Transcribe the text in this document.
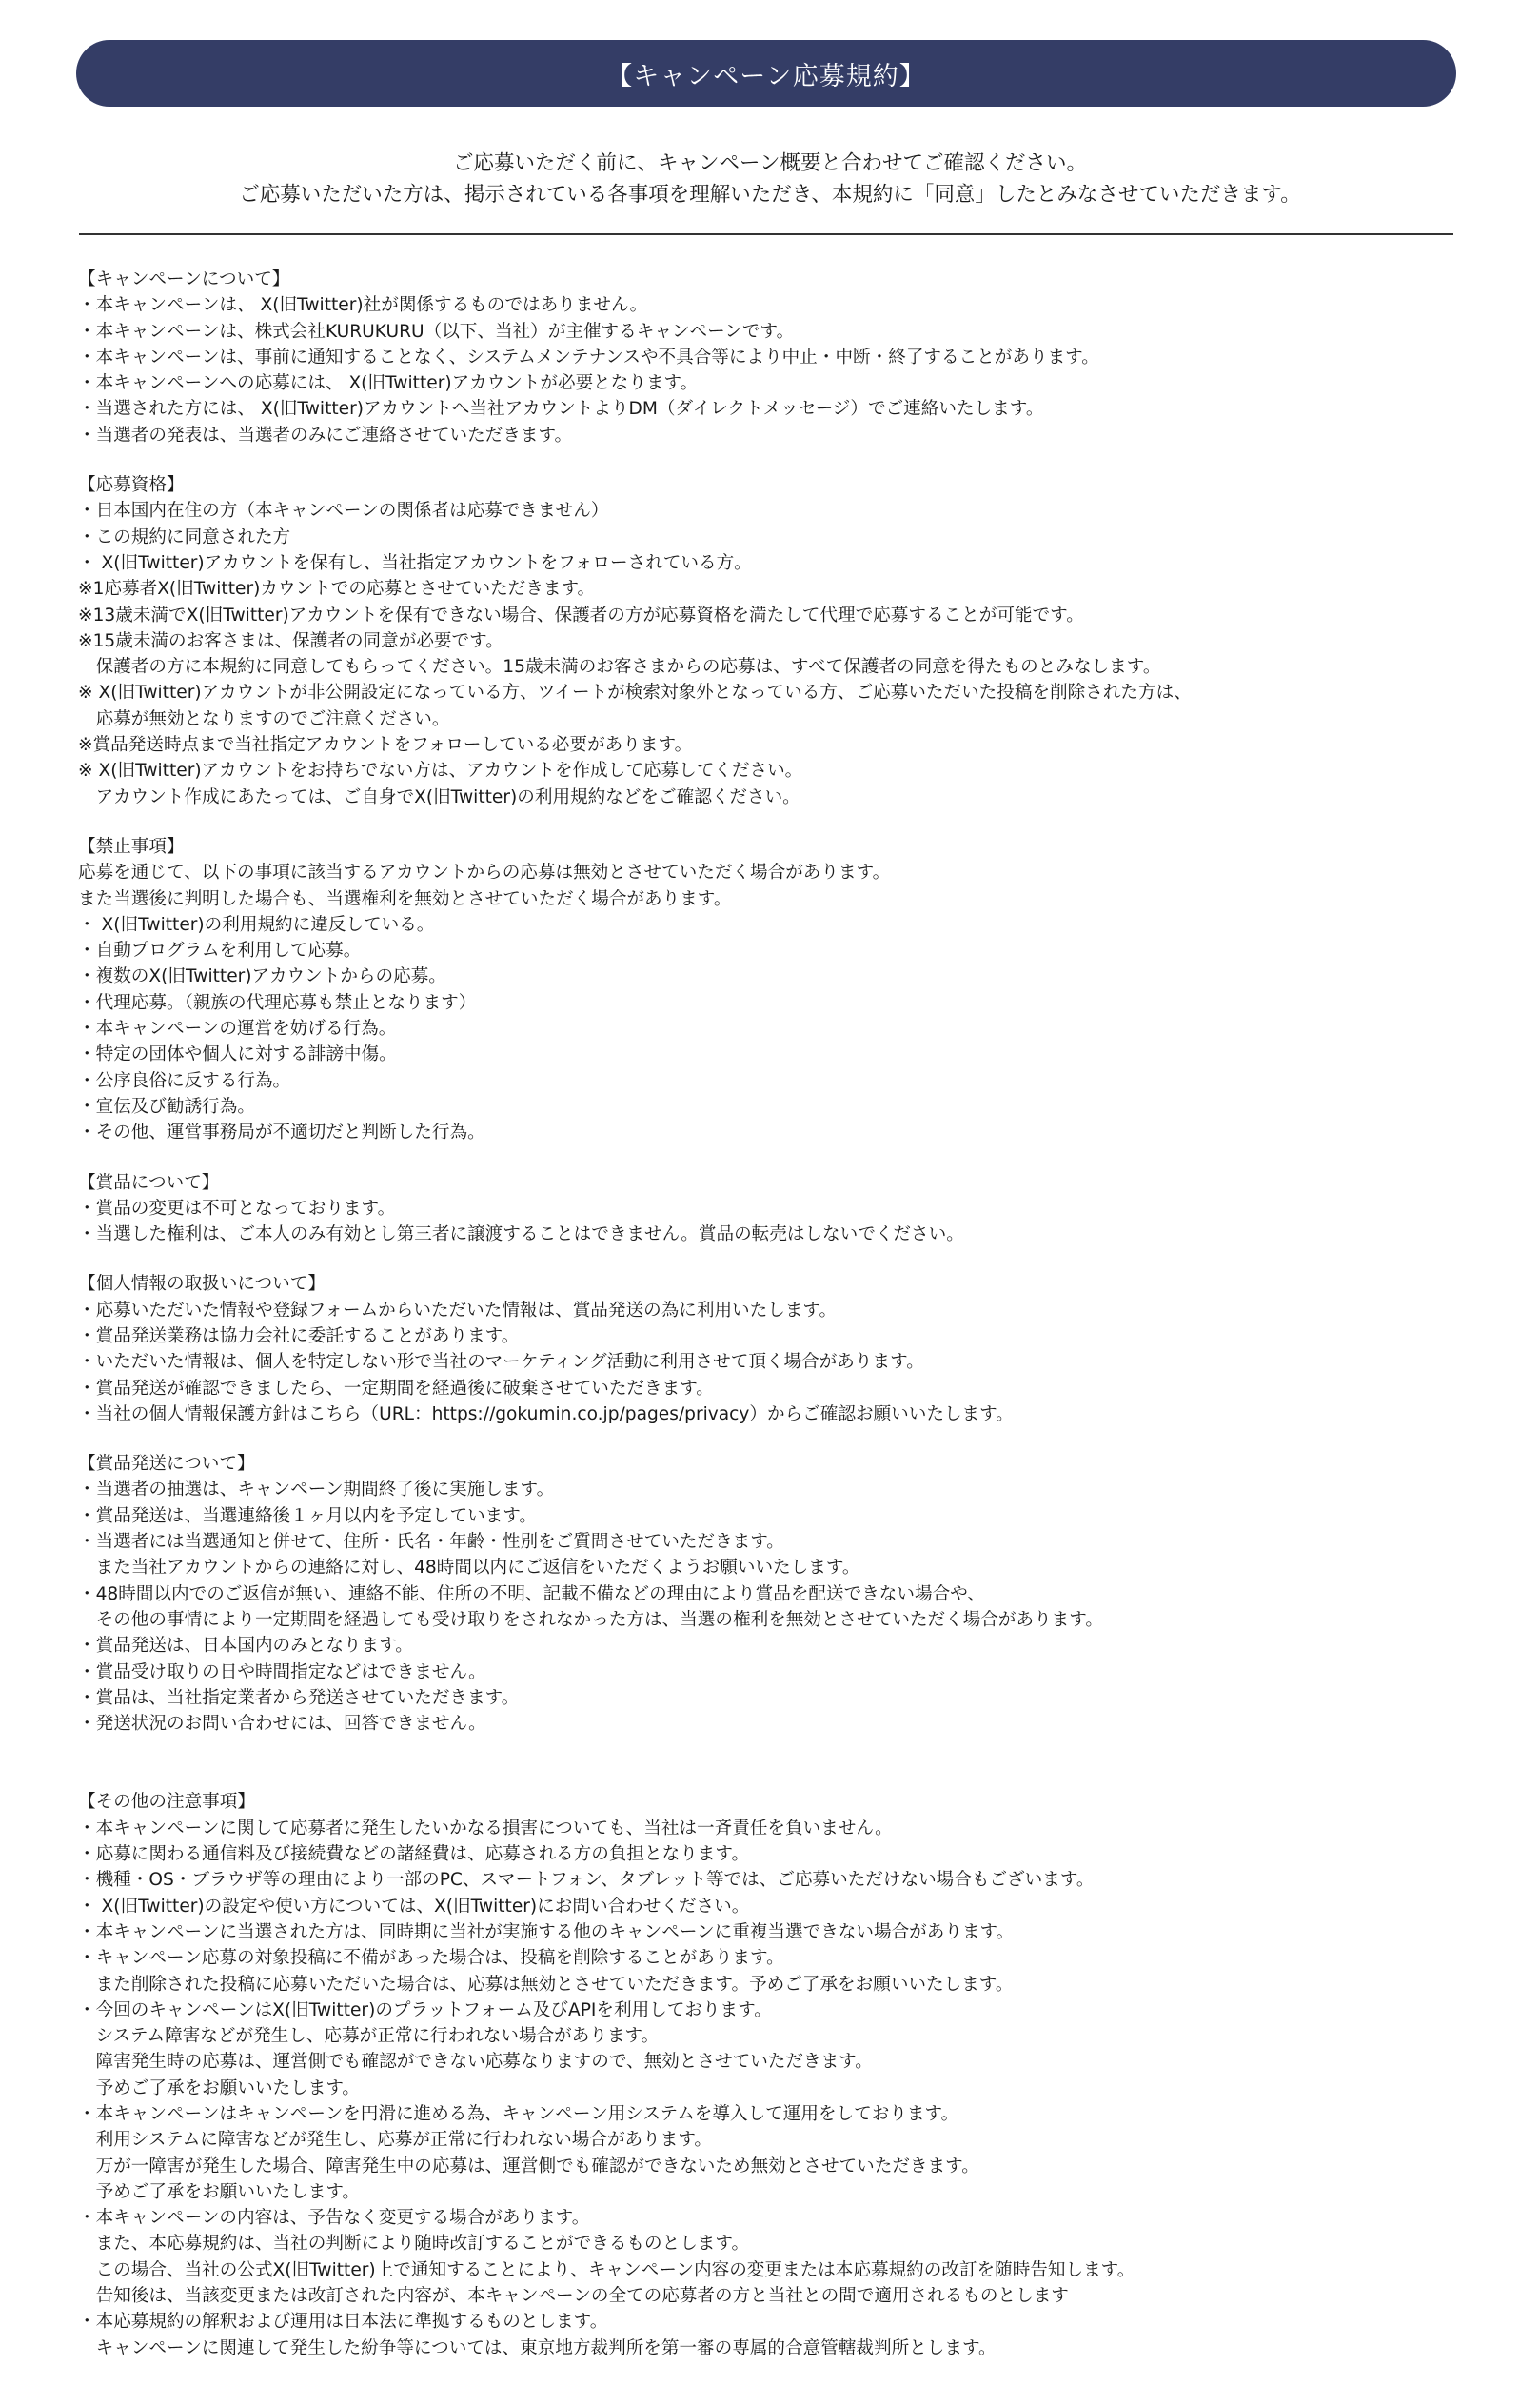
【キャンペーン応募規約】
ご応募いただく前に、キャンペーン概要と合わせてご確認ください。
ご応募いただいた方は、掲示されている各事項を理解いただき、本規約に「同意」したとみなさせていただきます。
【キャンペーンについて】
・本キャンペーンは、 X(旧Twitter)社が関係するものではありません。
・本キャンペーンは、株式会社KURUKURU（以下、当社）が主催するキャンペーンです。
・本キャンペーンは、事前に通知することなく、システムメンテナンスや不具合等により中止・中断・終了することがあります。
・本キャンペーンへの応募には、 X(旧Twitter)アカウントが必要となります。
・当選された方には、 X(旧Twitter)アカウントへ当社アカウントよりDM（ダイレクトメッセージ）でご連絡いたします。
・当選者の発表は、当選者のみにご連絡させていただきます。
【応募資格】
・日本国内在住の方（本キャンペーンの関係者は応募できません）
・この規約に同意された方
・ X(旧Twitter)アカウントを保有し、当社指定アカウントをフォローされている方。
※1応募者X(旧Twitter)カウントでの応募とさせていただきます。
※13歳未満でX(旧Twitter)アカウントを保有できない場合、保護者の方が応募資格を満たして代理で応募することが可能です。
※15歳未満のお客さまは、保護者の同意が必要です。
　保護者の方に本規約に同意してもらってください。15歳未満のお客さまからの応募は、すべて保護者の同意を得たものとみなします。
※ X(旧Twitter)アカウントが非公開設定になっている方、ツイートが検索対象外となっている方、ご応募いただいた投稿を削除された方は、
　応募が無効となりますのでご注意ください。
※賞品発送時点まで当社指定アカウントをフォローしている必要があります。
※ X(旧Twitter)アカウントをお持ちでない方は、アカウントを作成して応募してください。
　アカウント作成にあたっては、ご自身でX(旧Twitter)の利用規約などをご確認ください。
【禁止事項】
応募を通じて、以下の事項に該当するアカウントからの応募は無効とさせていただく場合があります。
また当選後に判明した場合も、当選権利を無効とさせていただく場合があります。
・ X(旧Twitter)の利用規約に違反している。
・自動プログラムを利用して応募。
・複数のX(旧Twitter)アカウントからの応募。
・代理応募。（親族の代理応募も禁止となります）
・本キャンペーンの運営を妨げる行為。
・特定の団体や個人に対する誹謗中傷。
・公序良俗に反する行為。
・宣伝及び勧誘行為。
・その他、運営事務局が不適切だと判断した行為。
【賞品について】
・賞品の変更は不可となっております。
・当選した権利は、ご本人のみ有効とし第三者に譲渡することはできません。賞品の転売はしないでください。
【個人情報の取扱いについて】
・応募いただいた情報や登録フォームからいただいた情報は、賞品発送の為に利用いたします。
・賞品発送業務は協力会社に委託することがあります。
・いただいた情報は、個人を特定しない形で当社のマーケティング活動に利用させて頂く場合があります。
・賞品発送が確認できましたら、一定期間を経過後に破棄させていただきます。
・当社の個人情報保護方針はこちら（URL：https://gokumin.co.jp/pages/privacy）からご確認お願いいたします。
【賞品発送について】
・当選者の抽選は、キャンペーン期間終了後に実施します。
・賞品発送は、当選連絡後１ヶ月以内を予定しています。
・当選者には当選通知と併せて、住所・氏名・年齢・性別をご質問させていただきます。
　また当社アカウントからの連絡に対し、48時間以内にご返信をいただくようお願いいたします。
・48時間以内でのご返信が無い、連絡不能、住所の不明、記載不備などの理由により賞品を配送できない場合や、
　その他の事情により一定期間を経過しても受け取りをされなかった方は、当選の権利を無効とさせていただく場合があります。
・賞品発送は、日本国内のみとなります。
・賞品受け取りの日や時間指定などはできません。
・賞品は、当社指定業者から発送させていただきます。
・発送状況のお問い合わせには、回答できません。
【その他の注意事項】
・本キャンペーンに関して応募者に発生したいかなる損害についても、当社は一斉責任を負いません。
・応募に関わる通信料及び接続費などの諸経費は、応募される方の負担となります。
・機種・OS・ブラウザ等の理由により一部のPC、スマートフォン、タブレット等では、ご応募いただけない場合もございます。
・ X(旧Twitter)の設定や使い方については、X(旧Twitter)にお問い合わせください。
・本キャンペーンに当選された方は、同時期に当社が実施する他のキャンペーンに重複当選できない場合があります。
・キャンペーン応募の対象投稿に不備があった場合は、投稿を削除することがあります。
　また削除された投稿に応募いただいた場合は、応募は無効とさせていただきます。予めご了承をお願いいたします。
・今回のキャンペーンはX(旧Twitter)のプラットフォーム及びAPIを利用しております。
　システム障害などが発生し、応募が正常に行われない場合があります。
　障害発生時の応募は、運営側でも確認ができない応募なりますので、無効とさせていただきます。
　予めご了承をお願いいたします。
・本キャンペーンはキャンペーンを円滑に進める為、キャンペーン用システムを導入して運用をしております。
　利用システムに障害などが発生し、応募が正常に行われない場合があります。
　万が一障害が発生した場合、障害発生中の応募は、運営側でも確認ができないため無効とさせていただきます。
　予めご了承をお願いいたします。
・本キャンペーンの内容は、予告なく変更する場合があります。
　また、本応募規約は、当社の判断により随時改訂することができるものとします。
　この場合、当社の公式X(旧Twitter)上で通知することにより、キャンペーン内容の変更または本応募規約の改訂を随時告知します。
　告知後は、当該変更または改訂された内容が、本キャンペーンの全ての応募者の方と当社との間で適用されるものとします
・本応募規約の解釈および運用は日本法に準拠するものとします。
　キャンペーンに関連して発生した紛争等については、東京地方裁判所を第一審の専属的合意管轄裁判所とします。
